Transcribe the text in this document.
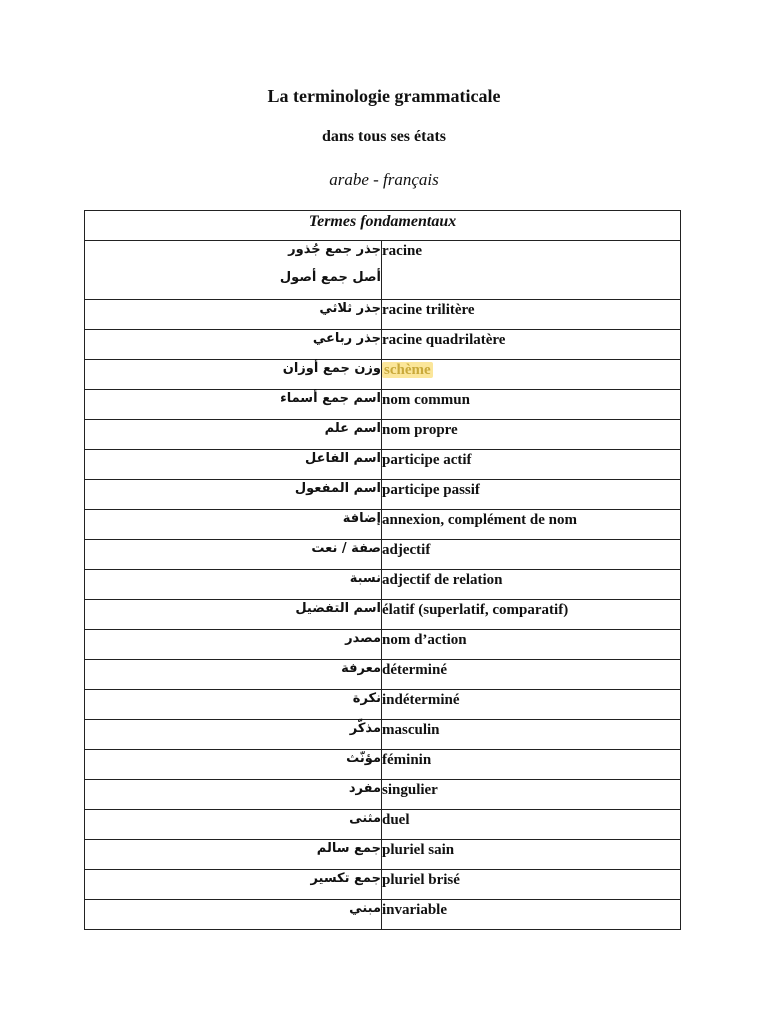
La terminologie grammaticale
dans tous ses états
arabe - français
Termes fondamentaux	

جذر جمع جُذور
أصل جمع أصول	racine

جذر ثلاثي	racine trilitère

جذر رباعي	racine quadrilatère

وزن جمع أوزان	schème

اسم جمع أسماء	nom commun

اسم علم	nom propre

اسم الفاعل	participe actif

اسم المفعول	participe passif

إضافة	annexion, complément de nom

صفة / نعت	adjectif

نسبة	adjectif de relation

اسم التفضيل	élatif (superlatif, comparatif)

مصدر	nom d’action

معرفة	déterminé

نكرة	indéterminé

مذكّر	masculin

مؤنّث	féminin

مفرد	singulier

مثنى	duel

جمع سالم	pluriel sain

جمع تكسير	pluriel brisé

مبني	invariable
